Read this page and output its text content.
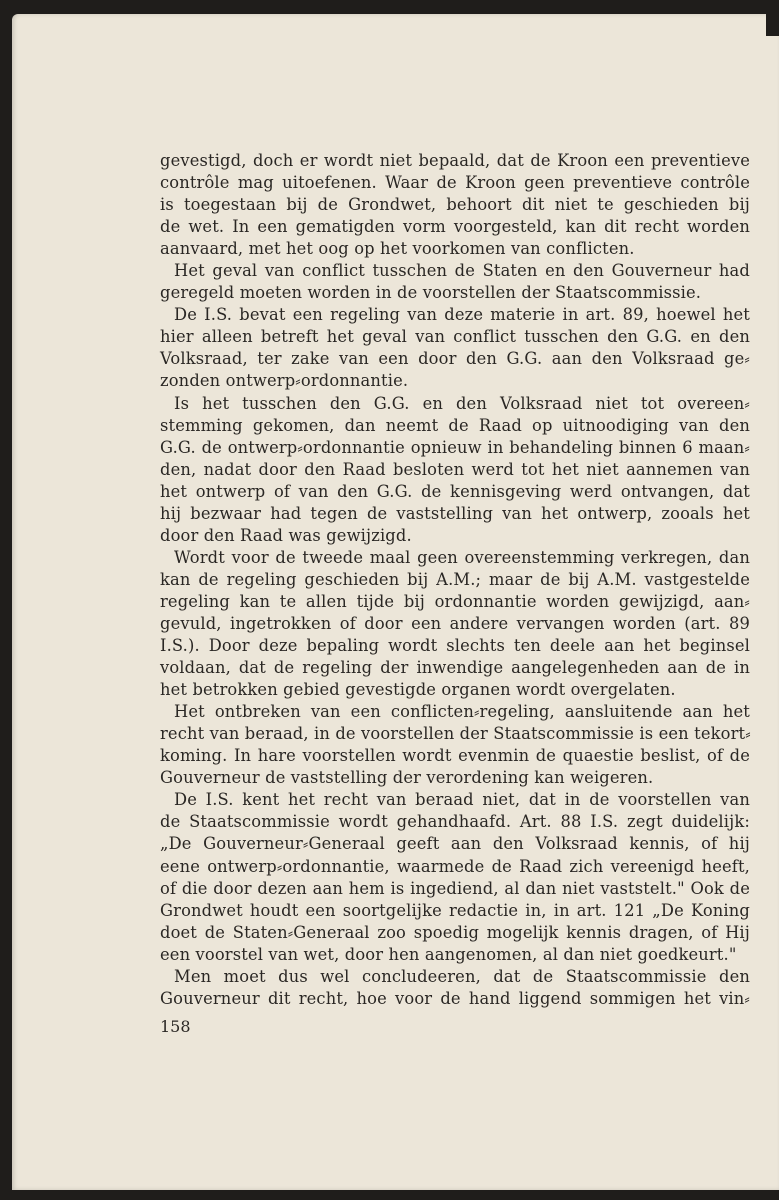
gevestigd, doch er wordt niet bepaald, dat de Kroon een preventieve
contrôle mag uitoefenen. Waar de Kroon geen preventieve contrôle
is toegestaan bij de Grondwet, behoort dit niet te geschieden bij
de wet. In een gematigden vorm voorgesteld, kan dit recht worden
aanvaard, met het oog op het voorkomen van conflicten.
Het geval van conflict tusschen de Staten en den Gouverneur had
geregeld moeten worden in de voorstellen der Staatscommissie.
De I.S. bevat een regeling van deze materie in art. 89, hoewel het
hier alleen betreft het geval van conflict tusschen den G.G. en den
Volksraad, ter zake van een door den G.G. aan den Volksraad ge⸗
zonden ontwerp⸗ordonnantie.
Is het tusschen den G.G. en den Volksraad niet tot overeen⸗
stemming gekomen, dan neemt de Raad op uitnoodiging van den
G.G. de ontwerp⸗ordonnantie opnieuw in behandeling binnen 6 maan⸗
den, nadat door den Raad besloten werd tot het niet aannemen van
het ontwerp of van den G.G. de kennisgeving werd ontvangen, dat
hij bezwaar had tegen de vaststelling van het ontwerp, zooals het
door den Raad was gewijzigd.
Wordt voor de tweede maal geen overeenstemming verkregen, dan
kan de regeling geschieden bij A.M.; maar de bij A.M. vastgestelde
regeling kan te allen tijde bij ordonnantie worden gewijzigd, aan⸗
gevuld, ingetrokken of door een andere vervangen worden (art. 89
I.S.). Door deze bepaling wordt slechts ten deele aan het beginsel
voldaan, dat de regeling der inwendige aangelegenheden aan de in
het betrokken gebied gevestigde organen wordt overgelaten.
Het ontbreken van een conflicten⸗regeling, aansluitende aan het
recht van beraad, in de voorstellen der Staatscommissie is een tekort⸗
koming. In hare voorstellen wordt evenmin de quaestie beslist, of de
Gouverneur de vaststelling der verordening kan weigeren.
De I.S. kent het recht van beraad niet, dat in de voorstellen van
de Staatscommissie wordt gehandhaafd. Art. 88 I.S. zegt duidelijk:
„De Gouverneur⸗Generaal geeft aan den Volksraad kennis, of hij
eene ontwerp⸗ordonnantie, waarmede de Raad zich vereenigd heeft,
of die door dezen aan hem is ingediend, al dan niet vaststelt." Ook de
Grondwet houdt een soortgelijke redactie in, in art. 121 „De Koning
doet de Staten⸗Generaal zoo spoedig mogelijk kennis dragen, of Hij
een voorstel van wet, door hen aangenomen, al dan niet goedkeurt."
Men moet dus wel concludeeren, dat de Staatscommissie den
Gouverneur dit recht, hoe voor de hand liggend sommigen het vin⸗
158
